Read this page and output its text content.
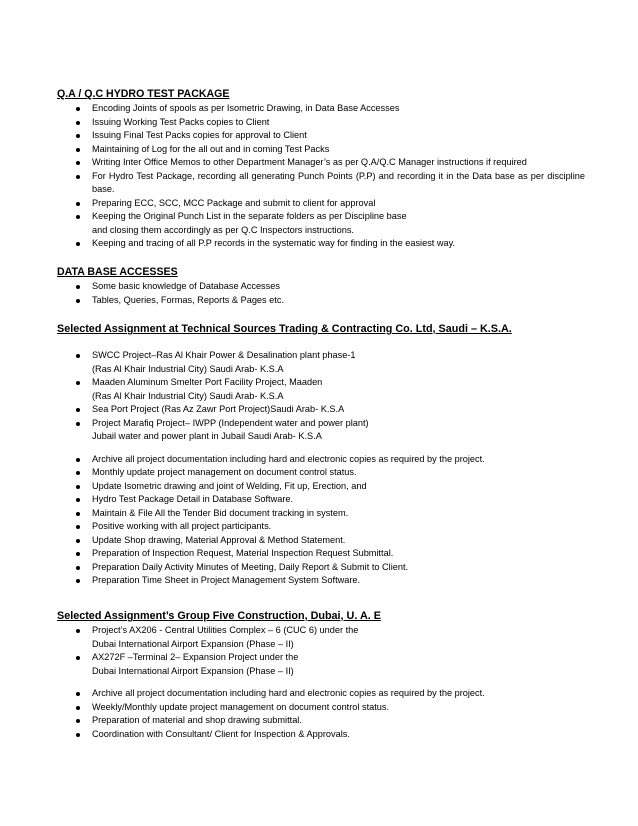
Q.A / Q.C HYDRO TEST PACKAGE

Encoding Joints of spools as per Isometric Drawing, in Data Base Accesses
Issuing Working Test Packs copies to Client
Issuing Final Test Packs copies for approval to Client
Maintaining of Log for the all out and in coming Test Packs
Writing Inter Office Memos to other Department Manager’s as per Q.A/Q.C Manager instructions if required
For Hydro Test Package, recording all generating Punch Points (P.P) and recording it in the Data base as per discipline base.
Preparing ECC, SCC, MCC Package and submit to client for approval
Keeping the Original Punch List in the separate folders as per Discipline base
and closing them accordingly as per Q.C Inspectors instructions.
Keeping and tracing of all P.P records in the systematic way for finding in the easiest way.

DATA BASE ACCESSES

Some basic knowledge of Database Accesses
Tables, Queries, Formas, Reports & Pages etc.

Selected Assignment at Technical Sources Trading & Contracting Co. Ltd, Saudi – K.S.A.

SWCC Project–Ras Al Khair Power & Desalination plant phase-1
(Ras Al Khair Industrial City) Saudi Arab- K.S.A
Maaden Aluminum Smelter Port Facility Project, Maaden
(Ras Al Khair Industrial City) Saudi Arab- K.S.A
Sea Port Project (Ras Az Zawr Port Project)Saudi Arab- K.S.A
Project Marafiq Project– IWPP (Independent water and power plant)
Jubail water and power plant in Jubail Saudi Arab- K.S.A
Archive all project documentation including hard and electronic copies as required by the project.
Monthly update project management on document control status.
Update Isometric drawing and joint of Welding, Fit up, Erection, and
Hydro Test Package Detail in Database Software.
Maintain & File All the Tender Bid document tracking in system.
Positive working with all project participants.
Update Shop drawing, Material Approval & Method Statement.
Preparation of Inspection Request, Material Inspection Request Submittal.
Preparation Daily Activity Minutes of Meeting, Daily Report & Submit to Client.
Preparation Time Sheet in Project Management System Software.

Selected Assignment’s Group Five Construction, Dubai, U. A. E

Project’s AX206 - Central Utilities Complex – 6 (CUC 6) under the
Dubai International Airport Expansion (Phase – II)
AX272F –Terminal 2– Expansion Project under the
Dubai International Airport Expansion (Phase – II)
Archive all project documentation including hard and electronic copies as required by the project.
Weekly/Monthly update project management on document control status.
Preparation of material and shop drawing submittal.
Coordination with Consultant/ Client for Inspection & Approvals.
